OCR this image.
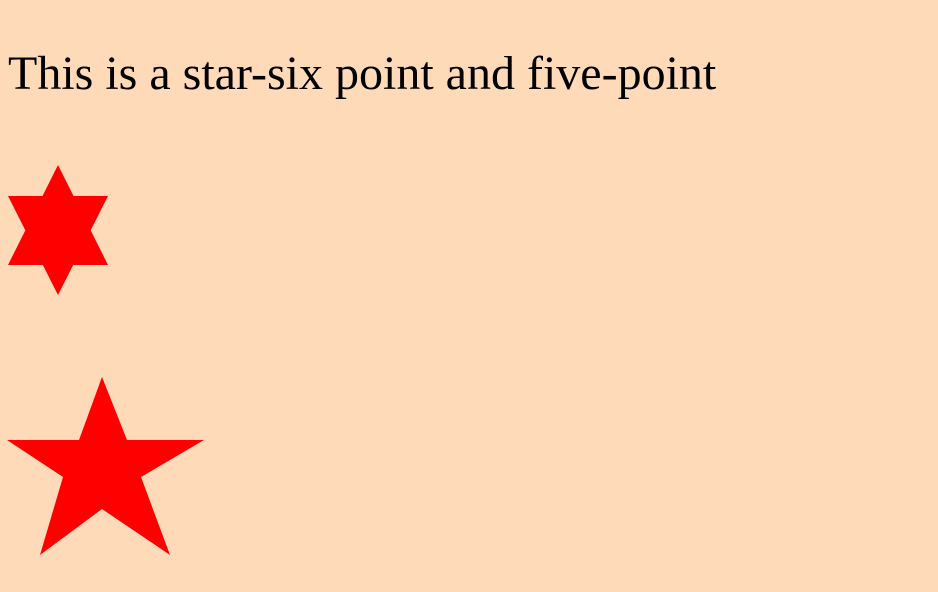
This is a star-six point and five-point
